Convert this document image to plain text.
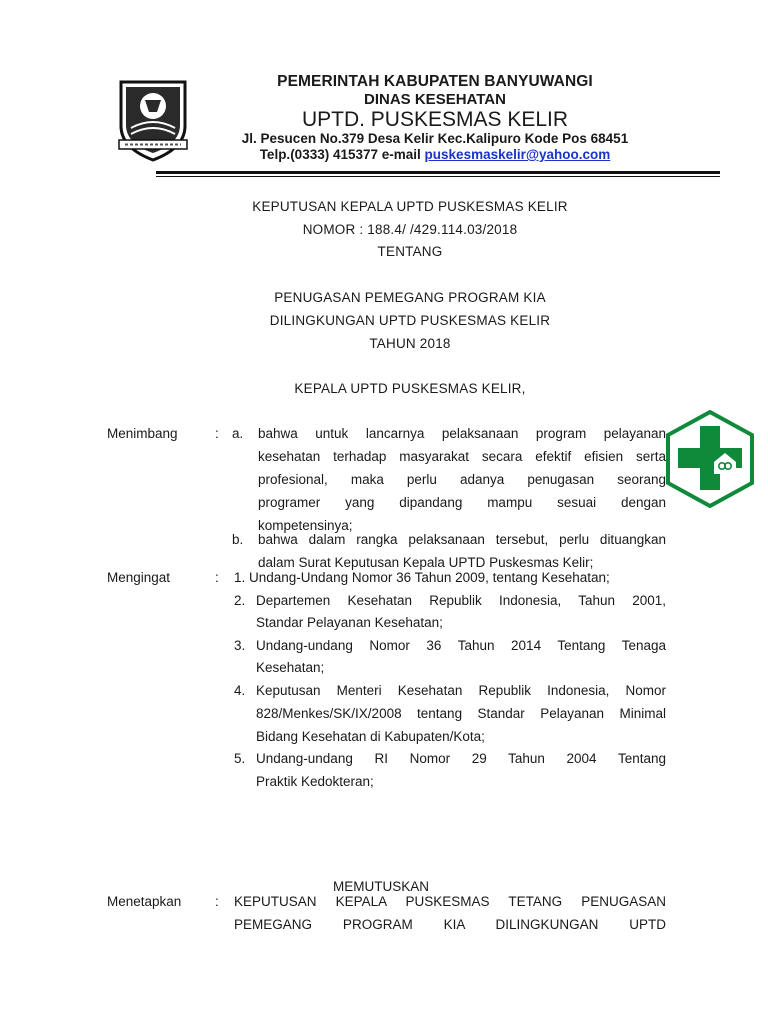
PEMERINTAH KABUPATEN BANYUWANGI
DINAS KESEHATAN
UPTD. PUSKESMAS KELIR
Jl. Pesucen No.379 Desa Kelir Kec.Kalipuro Kode Pos 68451
Telp.(0333) 415377 e-mail puskesmaskelir@yahoo.com
KEPUTUSAN KEPALA UPTD PUSKESMAS KELIR
NOMOR : 188.4/ /429.114.03/2018
TENTANG
PENUGASAN PEMEGANG PROGRAM KIA
DILINGKUNGAN UPTD PUSKESMAS KELIR
TAHUN 2018
KEPALA UPTD PUSKESMAS KELIR,
Menimbang	: a. bahwa untuk lancarnya pelaksanaan program pelayanan
kesehatan terhadap masyarakat secara efektif efisien serta
profesional, maka perlu adanya penugasan seorang
programer yang dipandang mampu sesuai dengan
kompetensinya;
b. bahwa dalam rangka pelaksanaan tersebut, perlu dituangkan
dalam Surat Keputusan Kepala UPTD Puskesmas Kelir;
Mengingat	: 1. Undang-Undang Nomor 36 Tahun 2009, tentang Kesehatan;
2. Departemen Kesehatan Republik Indonesia, Tahun 2001,
Standar Pelayanan Kesehatan;
3. Undang-undang Nomor 36 Tahun 2014 Tentang Tenaga
Kesehatan;
4. Keputusan Menteri Kesehatan Republik Indonesia, Nomor
828/Menkes/SK/IX/2008 tentang Standar Pelayanan Minimal
Bidang Kesehatan di Kabupaten/Kota;
5. Undang-undang RI Nomor 29 Tahun 2004 Tentang
Praktik Kedokteran;
MEMUTUSKAN
Menetapkan : KEPUTUSAN KEPALA PUSKESMAS TETANG PENUGASAN
PEMEGANG PROGRAM KIA DILINGKUNGAN UPTD
